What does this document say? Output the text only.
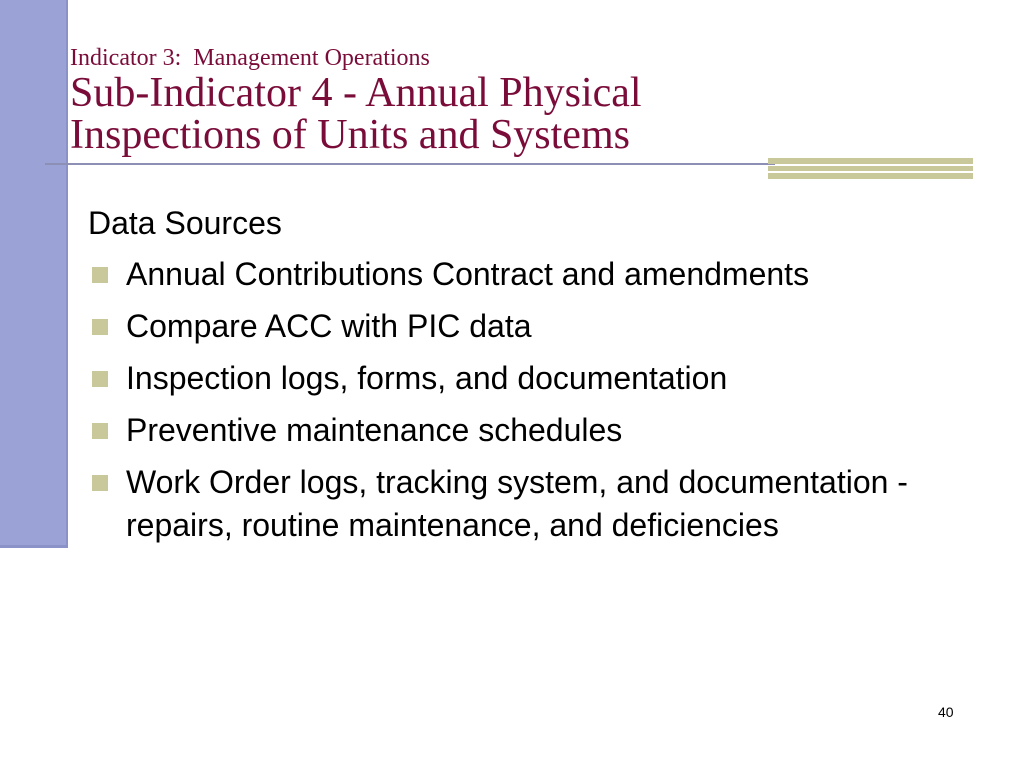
Indicator 3:  Management Operations

Sub-Indicator 4 - Annual Physical

Inspections of Units and Systems

Data Sources

Annual Contributions Contract and amendments
Compare ACC with PIC data
Inspection logs, forms, and documentation
Preventive maintenance schedules
Work Order logs, tracking system, and documentation - repairs, routine maintenance, and deficiencies
40
